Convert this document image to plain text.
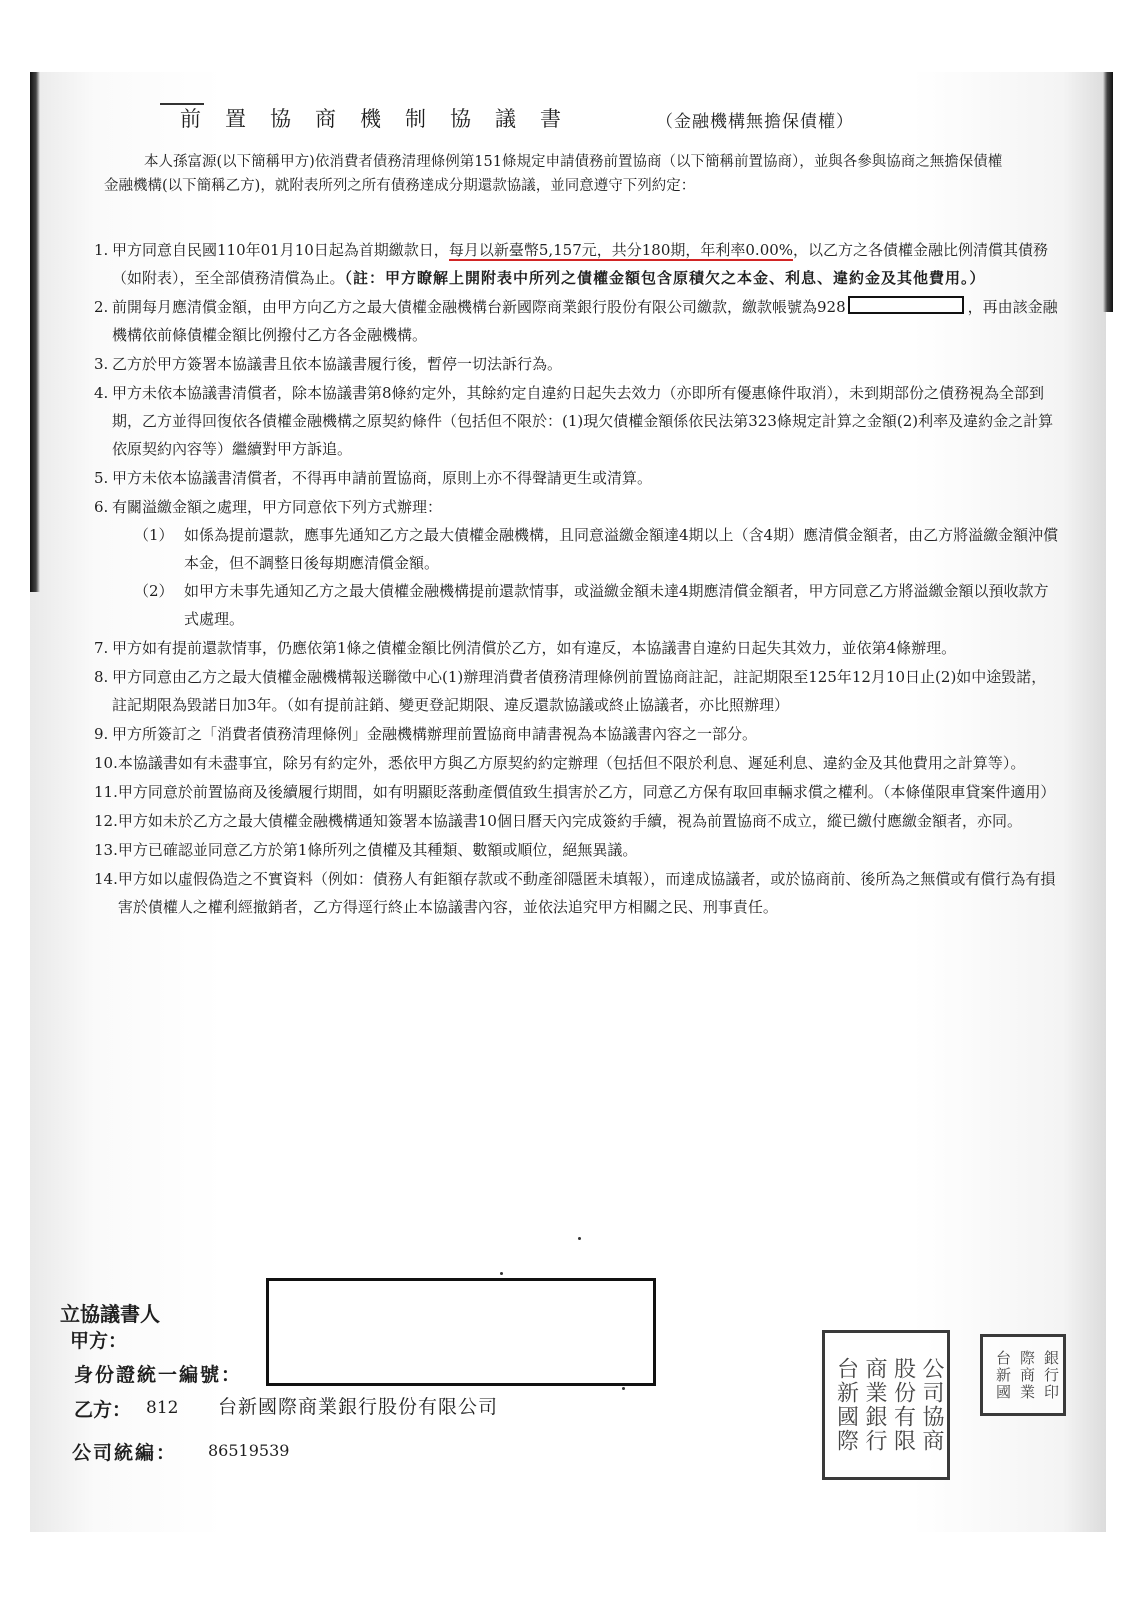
前置協商機制協議書	（金融機構無擔保債權）
本人孫富源(以下簡稱甲方)依消費者債務清理條例第151條規定申請債務前置協商（以下簡稱前置協商），並與各參與協商之無擔保債權金融機構(以下簡稱乙方)，就附表所列之所有債務達成分期還款協議，並同意遵守下列約定：
1. 甲方同意自民國110年01月10日起為首期繳款日，每月以新臺幣5,157元，共分180期，年利率0.00%，以乙方之各債權金融比例清償其債務（如附表），至全部債務清償為止。（註：甲方瞭解上開附表中所列之債權金額包含原積欠之本金、利息、違約金及其他費用。）
2. 前開每月應清償金額，由甲方向乙方之最大債權金融機構台新國際商業銀行股份有限公司繳款，繳款帳號為928	，再由該金融機構依前條債權金額比例撥付乙方各金融機構。
3. 乙方於甲方簽署本協議書且依本協議書履行後，暫停一切法訴行為。
4. 甲方未依本協議書清償者，除本協議書第8條約定外，其餘約定自違約日起失去效力（亦即所有優惠條件取消），未到期部份之債務視為全部到期，乙方並得回復依各債權金融機構之原契約條件（包括但不限於：(1)現欠債權金額係依民法第323條規定計算之金額(2)利率及違約金之計算依原契約內容等）繼續對甲方訴追。
5. 甲方未依本協議書清償者，不得再申請前置協商，原則上亦不得聲請更生或清算。
6. 有關溢繳金額之處理，甲方同意依下列方式辦理：
（1） 如係為提前還款，應事先通知乙方之最大債權金融機構，且同意溢繳金額達4期以上（含4期）應清償金額者，由乙方將溢繳金額沖償本金，但不調整日後每期應清償金額。
（2） 如甲方未事先通知乙方之最大債權金融機構提前還款情事，或溢繳金額未達4期應清償金額者，甲方同意乙方將溢繳金額以預收款方式處理。
7. 甲方如有提前還款情事，仍應依第1條之債權金額比例清償於乙方，如有違反，本協議書自違約日起失其效力，並依第4條辦理。
8. 甲方同意由乙方之最大債權金融機構報送聯徵中心(1)辦理消費者債務清理條例前置協商註記，註記期限至125年12月10日止(2)如中途毀諾，註記期限為毀諾日加3年。（如有提前註銷、變更登記期限、違反還款協議或終止協議者，亦比照辦理）
9. 甲方所簽訂之「消費者債務清理條例」金融機構辦理前置協商申請書視為本協議書內容之一部分。
10. 本協議書如有未盡事宜，除另有約定外，悉依甲方與乙方原契約約定辦理（包括但不限於利息、遲延利息、違約金及其他費用之計算等）。
11. 甲方同意於前置協商及後續履行期間，如有明顯貶落動產價值致生損害於乙方，同意乙方保有取回車輛求償之權利。（本條僅限車貸案件適用）
12. 甲方如未於乙方之最大債權金融機構通知簽署本協議書10個日曆天內完成簽約手續，視為前置協商不成立，縱已繳付應繳金額者，亦同。
13. 甲方已確認並同意乙方於第1條所列之債權及其種類、數額或順位，絕無異議。
14. 甲方如以虛假偽造之不實資料（例如：債務人有鉅額存款或不動產卻隱匿未填報），而達成協議者，或於協商前、後所為之無償或有償行為有損害於債權人之權利經撤銷者，乙方得逕行終止本協議書內容，並依法追究甲方相關之民、刑事責任。
立協議書人
甲方：
身份證統一編號：
乙方： 812 台新國際商業銀行股份有限公司
公司統編： 86519539	台新國際 商業銀行 股份有限 公司協商	台新國 際商業 銀行印
